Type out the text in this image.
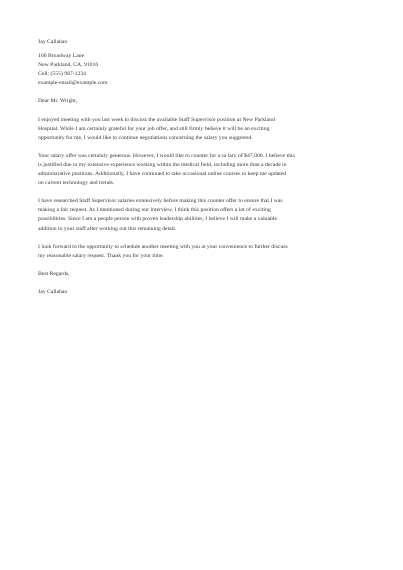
Jay Callahan
100 Broadway Lane
New Parkland, CA, 91010
Cell: (555) 987-1234
example-email@example.com
Dear Mr. Wright,
I enjoyed meeting with you last week to discuss the available Staff Supervisor position at New Parkland
Hospital. While I am certainly grateful for your job offer, and still firmly believe it will be an exciting
opportunity for me, I would like to continue negotiations concerning the salary you suggested.
Your salary offer was certainly generous. However, I would like to counter for a sa lary of $47,000. I believe this
is justified due to my extensive experience working within the medical field, including more than a decade in
administrative positions. Additionally, I have continued to take occasional online courses to keep me updated
on current technology and trends.
I have researched Staff Supervisor salaries extensively before making this counter offer to ensure that I was
making a fair request. As I mentioned during our interview, I think this position offers a lot of exciting
possibilities. Since I am a people person with proven leadership abilities, I believe I will make a valuable
addition to your staff after working out this remaining detail.
I look forward to the opportunity to schedule another meeting with you at your convenience to further discuss
my reasonable salary request. Thank you for your time.
Best Regards,
Jay Callahan
